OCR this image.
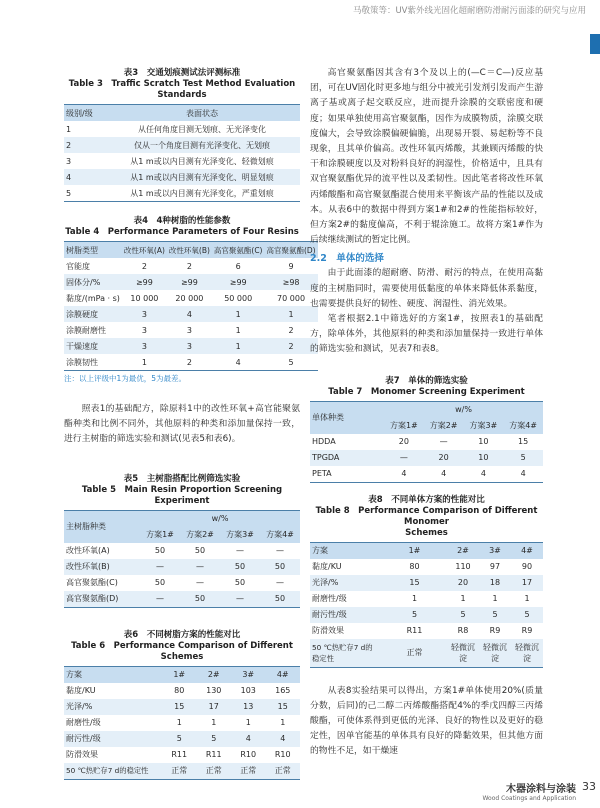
马敬策等：UV紫外线光固化超耐磨防滑耐污面漆的研究与应用
表3　交通划痕测试法评测标准
Table 3　Traffic Scratch Test Method Evaluation
Standards
级别/级	表面状态
1	从任何角度目测无划痕、无光泽变化
2	仅从一个角度目测有光泽变化、无划痕
3	从1 m或以内目测有光泽变化、轻微划痕
4	从1 m或以内目测有光泽变化、明显划痕
5	从1 m或以内目测有光泽变化，严重划痕
表4　4种树脂的性能参数
Table 4　Performance Parameters of Four Resins
树脂类型	改性环氧(A)	改性环氧(B)	高官聚氨酯(C)	高官聚氨酯(D)
官能度	2	2	6	9
固体分/%	≥99	≥99	≥99	≥98
黏度/(mPa · s)	10 000	20 000	50 000	70 000
涂膜硬度	3	4	1	1
涂膜耐磨性	3	3	1	2
干燥速度	3	3	1	2
涂膜韧性	1	2	4	5
注：以上评级中1为最优，5为最差。

照表1的基础配方，除原料1中的改性环氧+高官能聚氨酯种类和比例不同外，其他原料的种类和添加量保持一致，进行主树脂的筛选实验和测试(见表5和表6)。

表5　主树脂搭配比例筛选实验
Table 5　Main Resin Proportion Screening Experiment
主树脂种类	w/%			
	方案1#	方案2#	方案3#	方案4#
改性环氧(A)	50	50	—	—
改性环氧(B)	—	—	50	50
高官聚氨酯(C)	50	—	50	—
高官聚氨酯(D)	—	50	—	50
表6　不同树脂方案的性能对比
Table 6　Performance Comparison of Different Schemes
方案	1#	2#	3#	4#
黏度/KU	80	130	103	165
光泽/%	15	17	13	15
耐磨性/级	1	1	1	1
耐污性/级	5	5	4	4
防滑效果	R11	R11	R10	R10
50 ℃热贮存7 d的稳定性	正常	正常	正常	正常

高官聚氨酯因其含有3个及以上的(—C＝C—)反应基团，可在UV固化时更多地与组分中被光引发剂引发而产生游离子基或离子起交联反应，进而提升涂膜的交联密度和硬度；如果单独使用高官聚氨酯，因作为成膜物质，涂膜交联度偏大，会导致涂膜偏硬偏脆，出现易开裂、易起粉等不良现象，且其单价偏高。改性环氧丙烯酸，其兼顾丙烯酸的快干和涂膜硬度以及对粉料良好的润湿性，价格适中，且具有双官聚氨酯优异的流平性以及柔韧性。因此笔者将改性环氧丙烯酸酯和高官聚氨酯混合使用来平衡该产品的性能以及成本。从表6中的数据中得到方案1#和2#的性能指标较好，但方案2#的黏度偏高，不利于辊涂施工。故将方案1#作为后续继续测试的暂定比例。

2.2　单体的选择

由于此面漆的超耐磨、防滑、耐污的特点，在使用高黏度的主树脂同时，需要使用低黏度的单体来降低体系黏度，也需要提供良好的韧性、硬度、润湿性、消光效果。

笔者根据2.1中筛选好的方案1#，按照表1的基础配方，除单体外，其他原料的种类和添加量保持一致进行单体的筛选实验和测试，见表7和表8。

表7　单体的筛选实验
Table 7　Monomer Screening Experiment
单体种类	w/%			
	方案1#	方案2#	方案3#	方案4#
HDDA	20	—	10	15
TPGDA	—	20	10	5
PETA	4	4	4	4
表8　不同单体方案的性能对比
Table 8　Performance Comparison of Different Monomer
Schemes
方案	1#	2#	3#	4#
黏度/KU	80	110	97	90
光泽/%	15	20	18	17
耐磨性/级	1	1	1	1
耐污性/级	5	5	5	5
防滑效果	R11	R8	R9	R9

50 ℃热贮存7 d的
稳定性	正常	轻微沉淀	轻微沉淀	轻微沉淀

从表8实验结果可以得出，方案1#单体使用20%(质量分数，后同)的己二醇二丙烯酸酯搭配4%的季戊四醇三丙烯酸酯，可使体系得到更低的光泽、良好的物性以及更好的稳定性，因单官能基的单体具有良好的降黏效果，但其他方面的物性不足，如干燥速

木器涂料与涂装
Wood Coatings and Application
33
